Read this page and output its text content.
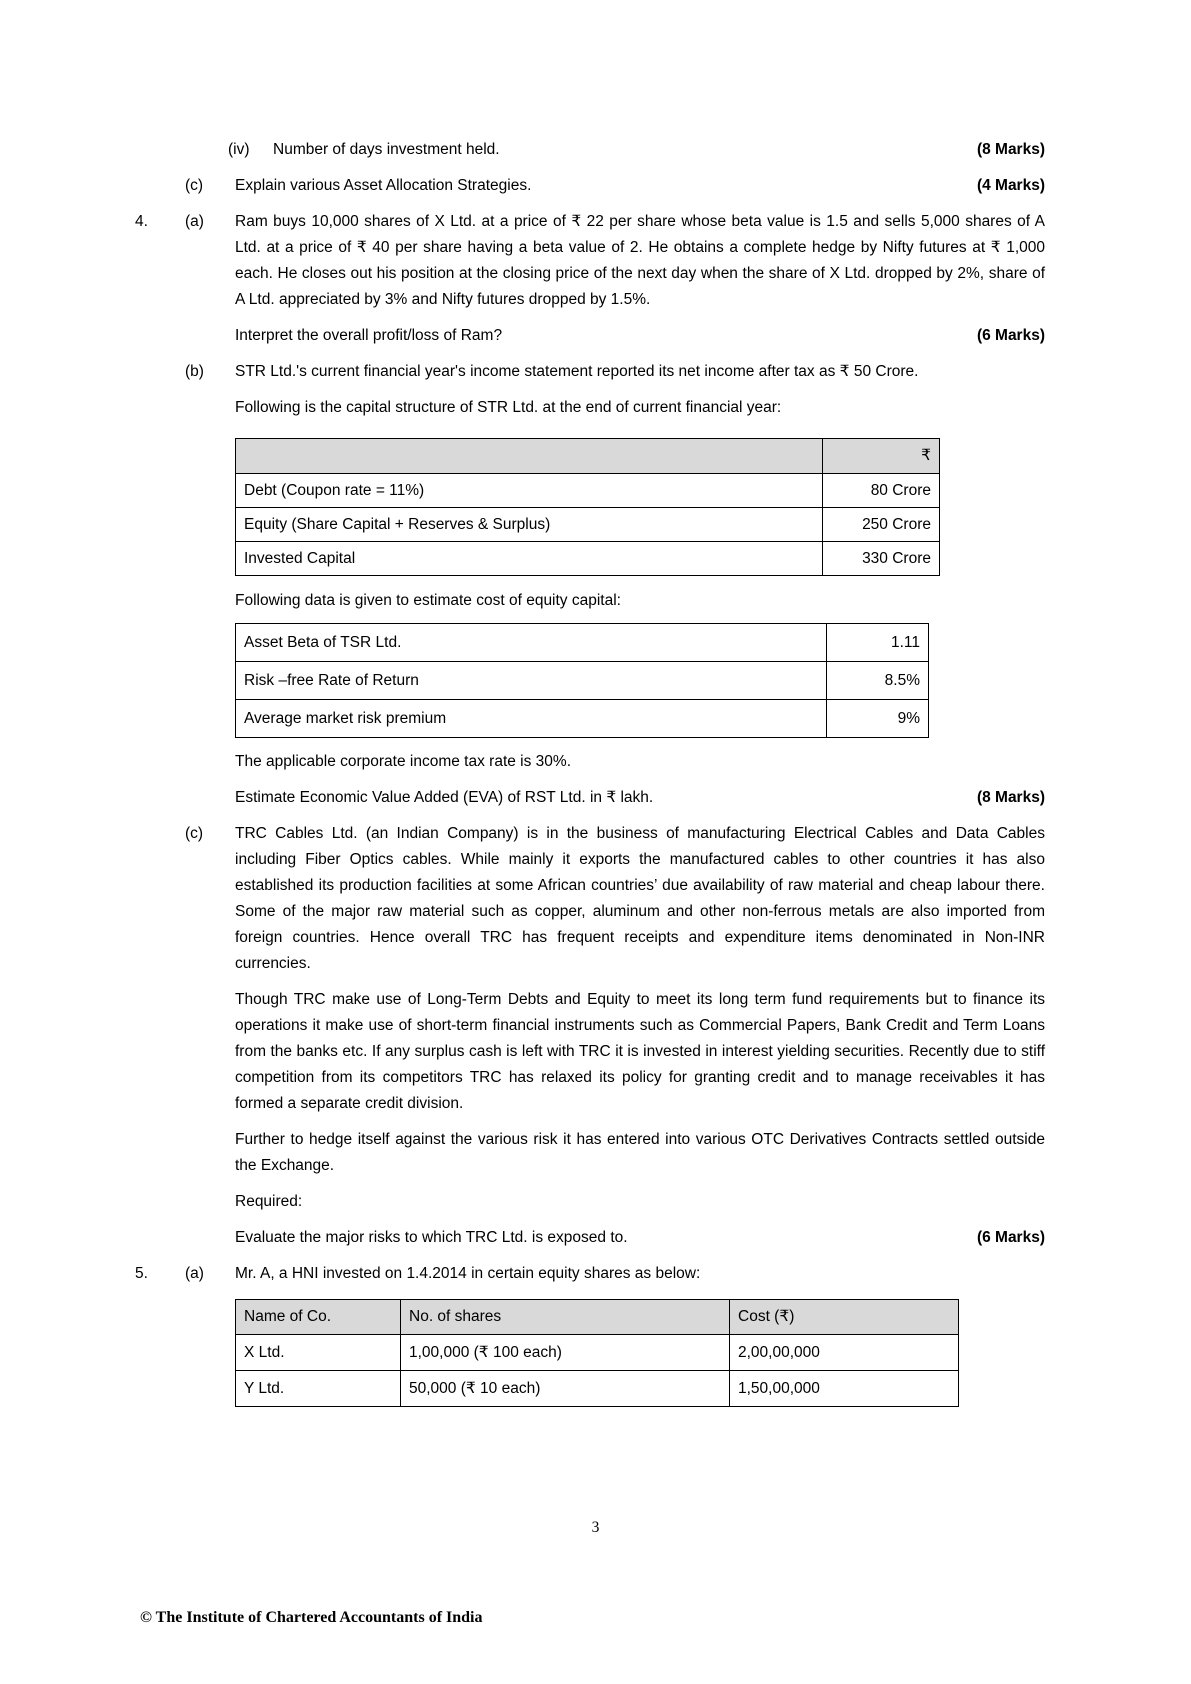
(iv)	Number of days investment held.	(8 Marks)
(c)	Explain various Asset Allocation Strategies.	(4 Marks)
4.	(a)	Ram buys 10,000 shares of X Ltd. at a price of ₹ 22 per share whose beta value is 1.5 and sells 5,000 shares of A Ltd. at a price of ₹ 40 per share having a beta value of 2. He obtains a complete hedge by Nifty futures at ₹ 1,000 each. He closes out his position at the closing price of the next day when the share of X Ltd. dropped by 2%, share of A Ltd. appreciated by 3% and Nifty futures dropped by 1.5%.
Interpret the overall profit/loss of Ram?	(6 Marks)
(b)	STR Ltd.'s current financial year's income statement reported its net income after tax as ₹ 50 Crore.
Following is the capital structure of STR Ltd. at the end of current financial year:
	₹
Debt (Coupon rate = 11%)	80 Crore
Equity (Share Capital + Reserves & Surplus)	250 Crore
Invested Capital	330 Crore
Following data is given to estimate cost of equity capital:
Asset Beta of TSR Ltd.	1.11
Risk –free Rate of Return	8.5%
Average market risk premium	9%
The applicable corporate income tax rate is 30%.
Estimate Economic Value Added (EVA) of RST Ltd. in ₹ lakh.	(8 Marks)
(c)	TRC Cables Ltd. (an Indian Company) is in the business of manufacturing Electrical Cables and Data Cables including Fiber Optics cables. While mainly it exports the manufactured cables to other countries it has also established its production facilities at some African countries’ due availability of raw material and cheap labour there. Some of the major raw material such as copper, aluminum and other non-ferrous metals are also imported from foreign countries. Hence overall TRC has frequent receipts and expenditure items denominated in Non-INR currencies.
Though TRC make use of Long-Term Debts and Equity to meet its long term fund requirements but to finance its operations it make use of short-term financial instruments such as Commercial Papers, Bank Credit and Term Loans from the banks etc. If any surplus cash is left with TRC it is invested in interest yielding securities. Recently due to stiff competition from its competitors TRC has relaxed its policy for granting credit and to manage receivables it has formed a separate credit division.
Further to hedge itself against the various risk it has entered into various OTC Derivatives Contracts settled outside the Exchange.
Required:
Evaluate the major risks to which TRC Ltd. is exposed to.	(6 Marks)
5.	(a)	Mr. A, a HNI invested on 1.4.2014 in certain equity shares as below:
Name of Co.	No. of shares	Cost (₹)
X Ltd.	1,00,000 (₹ 100 each)	2,00,00,000
Y Ltd.	50,000 (₹ 10 each)	1,50,00,000
3
© The Institute of Chartered Accountants of India
